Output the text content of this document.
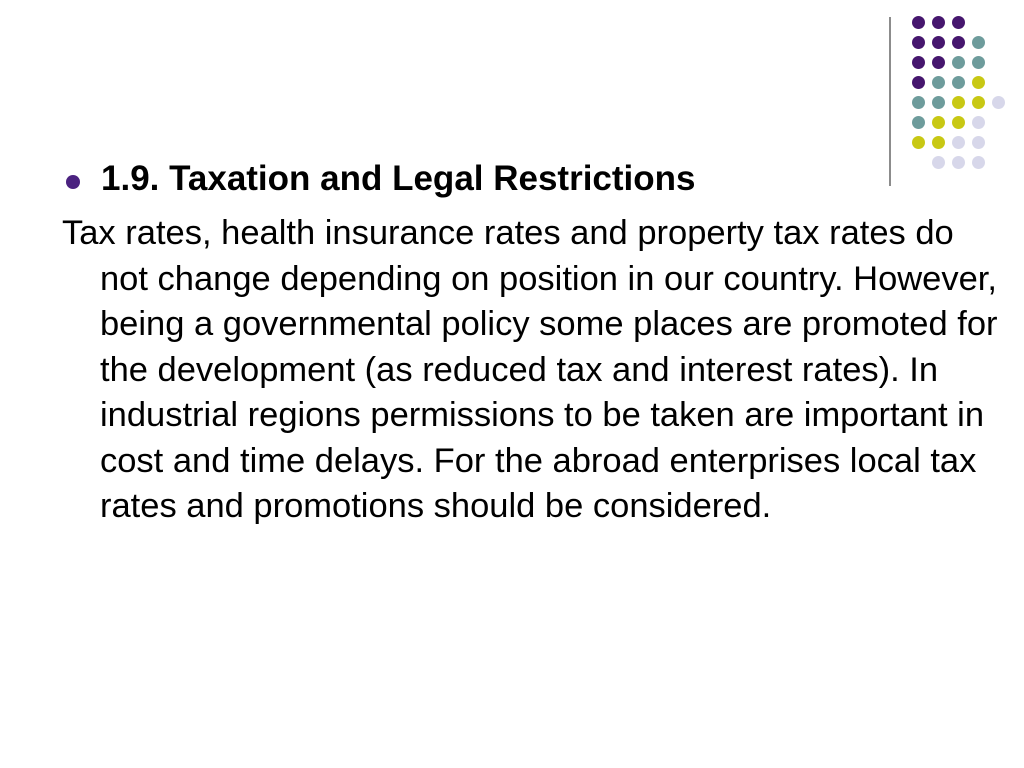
1.9. Taxation and Legal Restrictions

Tax rates, health insurance rates and property tax rates do not change depending on position in our country. However, being a governmental policy some places are promoted for the development (as reduced tax and interest rates). In industrial regions permissions to be taken are important in cost and time delays. For the abroad enterprises local tax rates and promotions should be considered.
